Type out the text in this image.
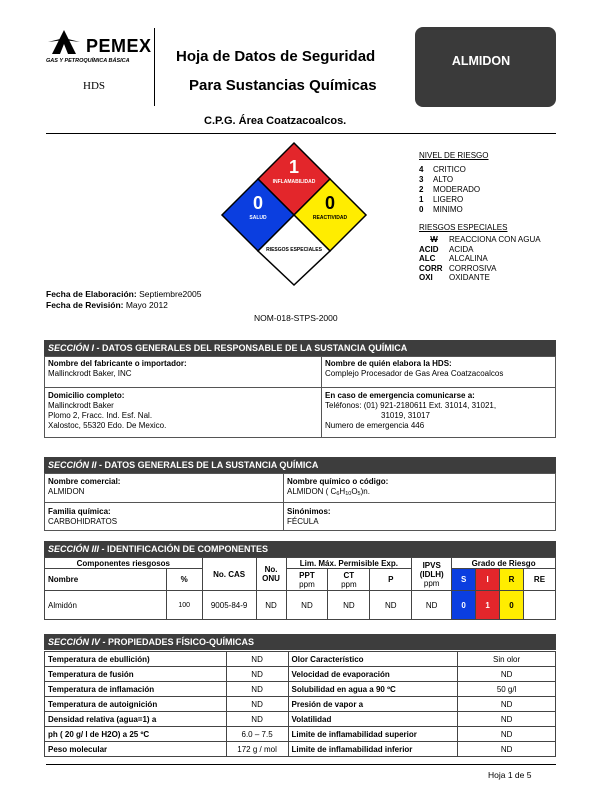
PEMEX
GAS Y PETROQUÍMICA BÁSICA
HDS
Hoja de Datos de Seguridad
Para Sustancias Químicas
ALMIDON
C.P.G. Área Coatzacoalcos.
1
INFLAMABILIDAD
0
SALUD
0
REACTIVIDAD
RIESGOS ESPECIALES
NIVEL DE RIESGO
4	CRITICO
3	ALTO
2	MODERADO
1	LIGERO
0	MINIMO
RIESGOS ESPECIALES
W	REACCIONA CON AGUA
ACID	ACIDA
ALC	ALCALINA
CORR CORROSIVA
OXI	OXIDANTE
Fecha de Elaboración: Septiembre2005
Fecha de Revisión: Mayo 2012
NOM-018-STPS-2000
SECCIÓN I - DATOS GENERALES DEL RESPONSABLE DE LA SUSTANCIA QUÍMICA
Nombre del fabricante o importador:
Mallinckrodt Baker, INC
Nombre de quién elabora la HDS:
Complejo Procesador de Gas Area Coatzacoalcos
Domicilio completo:
Mallinckrodt Baker
Plomo 2, Fracc. Ind. Esf. Nal.
Xalostoc, 55320 Edo. De Mexico.
En caso de emergencia comunicarse a:
Teléfonos: (01) 921-2180611 Ext. 31014, 31021,
31019, 31017
Numero de emergencia 446
SECCIÓN II - DATOS GENERALES DE LA SUSTANCIA QUÍMICA
Nombre comercial:
ALMIDON
Nombre químico o código:
ALMIDON ( C6H10O5)n.
Familia química:
CARBOHIDRATOS
Sinónimos:
FÉCULA
SECCIÓN III - IDENTIFICACIÓN DE COMPONENTES
Componentes riesgosos		No. CAS	No.
ONU	Lim. Máx. Permisible Exp.			IPVS
(IDLH)
ppm	Grado de Riesgo			
Nombre	%			PPT
ppm	CT
ppm	P		S	I	R	RE
Almidón	100	9005-84-9	ND	ND	ND	ND	ND	0	1	0	
SECCIÓN IV - PROPIEDADES FÍSICO-QUÍMICAS
Temperatura de ebullición)	ND	Olor Característico	Sin olor
Temperatura de fusión	ND	Velocidad de evaporación	ND
Temperatura de inflamación	ND	Solubilidad en agua a 90 ºC	50 g/l
Temperatura de autoignición	ND	Presión de vapor a	ND
Densidad relativa (agua=1) a	ND	Volatilidad	ND
ph ( 20 g/ l de H2O) a 25 ºC	6.0 – 7.5	Limite de inflamabilidad superior	ND
Peso molecular	172 g / mol	Limite de inflamabilidad inferior	ND
Hoja 1 de 5
